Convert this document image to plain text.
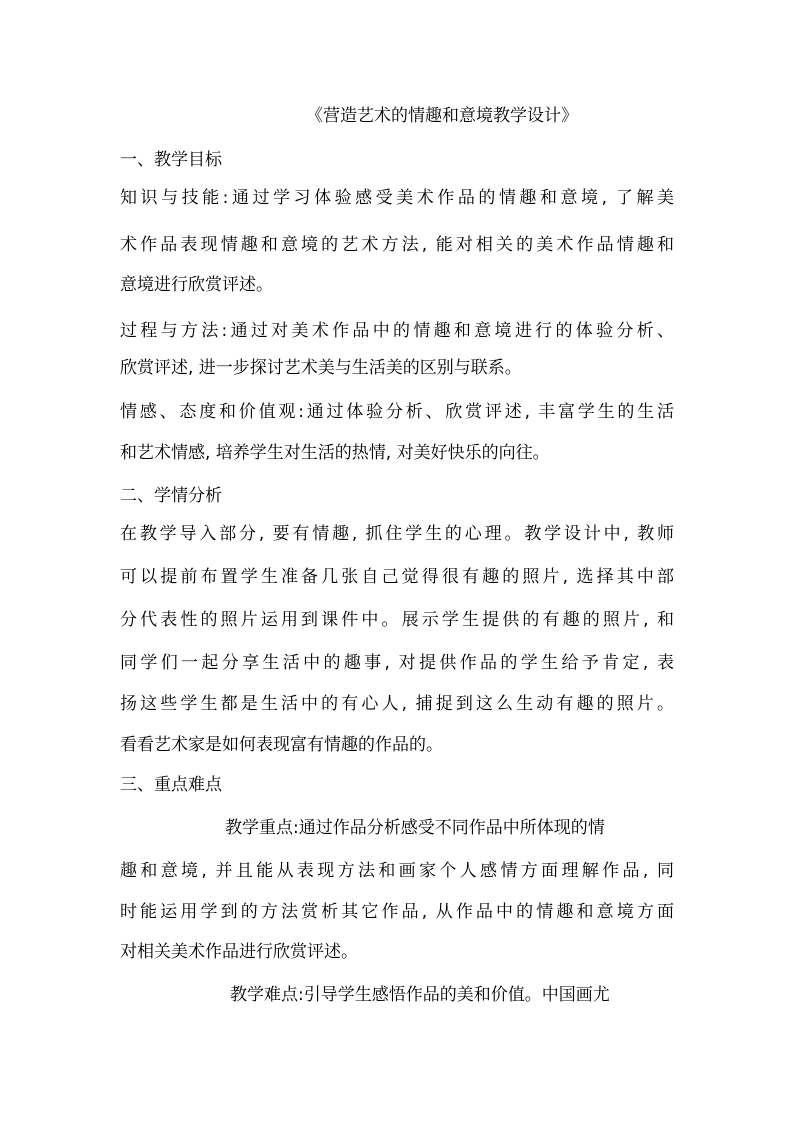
《营造艺术的情趣和意境教学设计》
一、教学目标
知识与技能:通过学习体验感受美术作品的情趣和意境, 了解美
术作品表现情趣和意境的艺术方法, 能对相关的美术作品情趣和
意境进行欣赏评述。
过程与方法:通过对美术作品中的情趣和意境进行的体验分析、
欣赏评述, 进一步探讨艺术美与生活美的区别与联系。
情感、态度和价值观:通过体验分析、欣赏评述, 丰富学生的生活
和艺术情感, 培养学生对生活的热情, 对美好快乐的向往。
二、学情分析
在教学导入部分, 要有情趣, 抓住学生的心理。教学设计中, 教师
可以提前布置学生准备几张自己觉得很有趣的照片, 选择其中部
分代表性的照片运用到课件中。展示学生提供的有趣的照片, 和
同学们一起分享生活中的趣事, 对提供作品的学生给予肯定, 表
扬这些学生都是生活中的有心人, 捕捉到这么生动有趣的照片。
看看艺术家是如何表现富有情趣的作品的。
三、重点难点
教学重点:通过作品分析感受不同作品中所体现的情
趣和意境, 并且能从表现方法和画家个人感情方面理解作品, 同
时能运用学到的方法赏析其它作品, 从作品中的情趣和意境方面
对相关美术作品进行欣赏评述。
教学难点:引导学生感悟作品的美和价值。中国画尤
